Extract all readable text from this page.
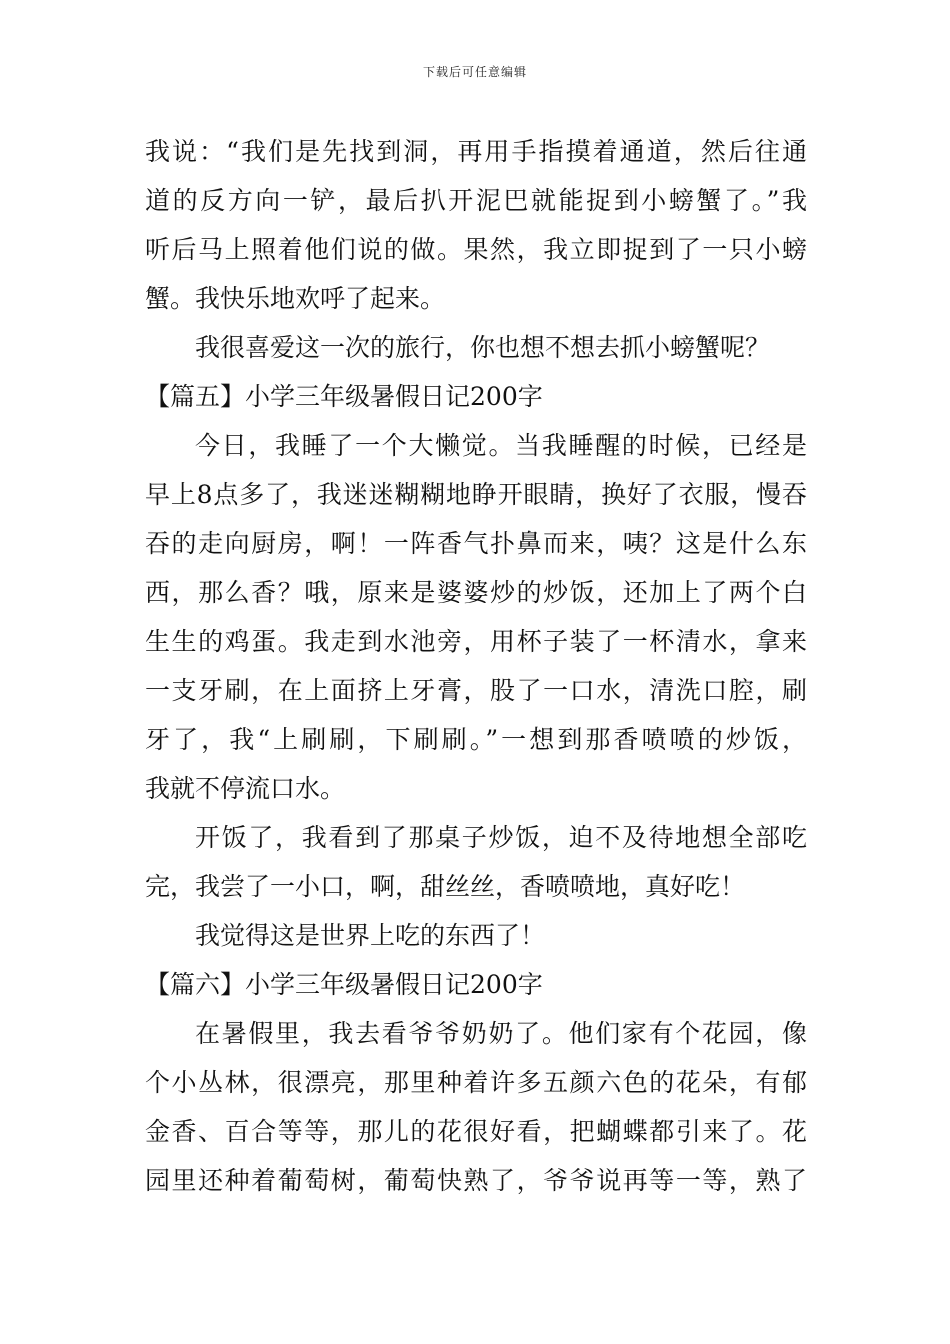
下载后可任意编辑
我说：“我们是先找到洞，再用手指摸着通道，然后往通
道的反方向一铲，最后扒开泥巴就能捉到小螃蟹了。”我
听后马上照着他们说的做。果然，我立即捉到了一只小螃
蟹。我快乐地欢呼了起来。
我很喜爱这一次的旅行，你也想不想去抓小螃蟹呢？
【篇五】小学三年级暑假日记200字
今日，我睡了一个大懒觉。当我睡醒的时候，已经是
早上8点多了，我迷迷糊糊地睁开眼睛，换好了衣服，慢吞
吞的走向厨房，啊！一阵香气扑鼻而来，咦？这是什么东
西，那么香？哦，原来是婆婆炒的炒饭，还加上了两个白
生生的鸡蛋。我走到水池旁，用杯子装了一杯清水，拿来
一支牙刷，在上面挤上牙膏，股了一口水，清洗口腔，刷
牙了，我“上刷刷，下刷刷。”一想到那香喷喷的炒饭，
我就不停流口水。
开饭了，我看到了那桌子炒饭，迫不及待地想全部吃
完，我尝了一小口，啊，甜丝丝，香喷喷地，真好吃！
我觉得这是世界上吃的东西了！
【篇六】小学三年级暑假日记200字
在暑假里，我去看爷爷奶奶了。他们家有个花园，像
个小丛林，很漂亮，那里种着许多五颜六色的花朵，有郁
金香、百合等等，那儿的花很好看，把蝴蝶都引来了。花
园里还种着葡萄树，葡萄快熟了，爷爷说再等一等，熟了
